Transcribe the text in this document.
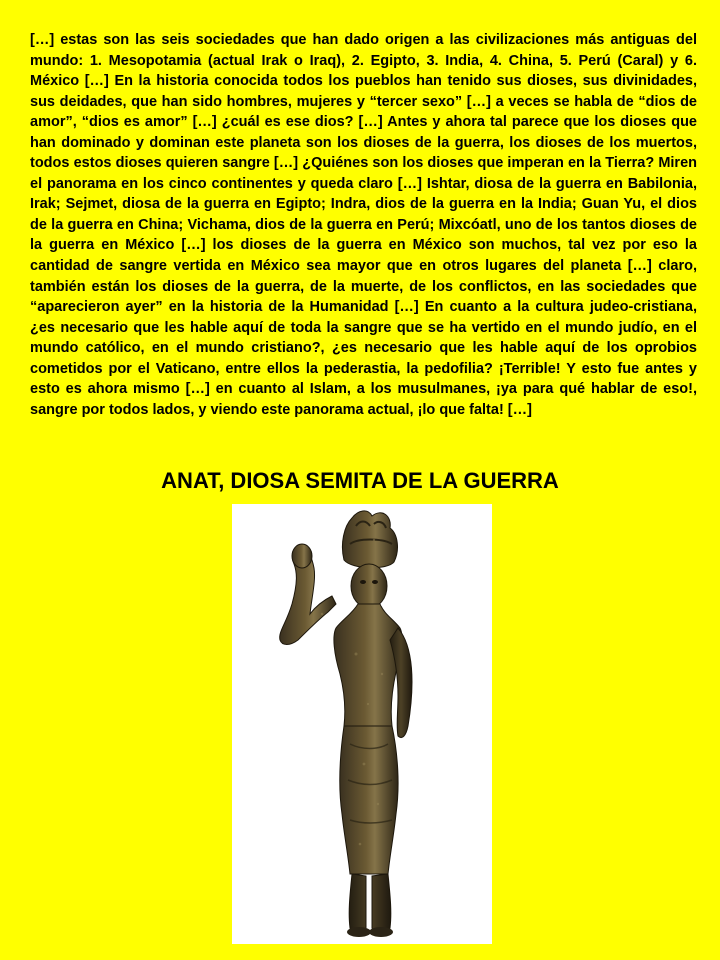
[…] estas son las seis sociedades que han dado origen a las civilizaciones más antiguas del mundo: 1. Mesopotamia (actual Irak o Iraq), 2. Egipto, 3. India, 4. China, 5. Perú (Caral) y 6. México […] En la historia conocida todos los pueblos han tenido sus dioses, sus divinidades, sus deidades, que han sido hombres, mujeres y “tercer sexo” […] a veces se habla de “dios de amor”, “dios es amor” […] ¿cuál es ese dios? […] Antes y ahora tal parece que los dioses que han dominado y dominan este planeta son los dioses de la guerra, los dioses de los muertos, todos estos dioses quieren sangre […] ¿Quiénes son los dioses que imperan en la Tierra? Miren el panorama en los cinco continentes y queda claro […] Ishtar, diosa de la guerra en Babilonia, Irak; Sejmet, diosa de la guerra en Egipto; Indra, dios de la guerra en la India; Guan Yu, el dios de la guerra en China; Vichama, dios de la guerra en Perú; Mixcóatl, uno de los tantos dioses de la guerra en México […] los dioses de la guerra en México son muchos, tal vez por eso la cantidad de sangre vertida en México sea mayor que en otros lugares del planeta […] claro, también están los dioses de la guerra, de la muerte, de los conflictos, en las sociedades que “aparecieron ayer” en la historia de la Humanidad […] En cuanto a la cultura judeo-cristiana, ¿es necesario que les hable aquí de toda la sangre que se ha vertido en el mundo judío, en el mundo católico, en el mundo cristiano?, ¿es necesario que les hable aquí de los oprobios cometidos por el Vaticano, entre ellos la pederastia, la pedofilia? ¡Terrible! Y esto fue antes y esto es ahora mismo […] en cuanto al Islam, a los musulmanes, ¡ya para qué hablar de eso!, sangre por todos lados, y viendo este panorama actual, ¡lo que falta! […]

ANAT, DIOSA SEMITA DE LA GUERRA
